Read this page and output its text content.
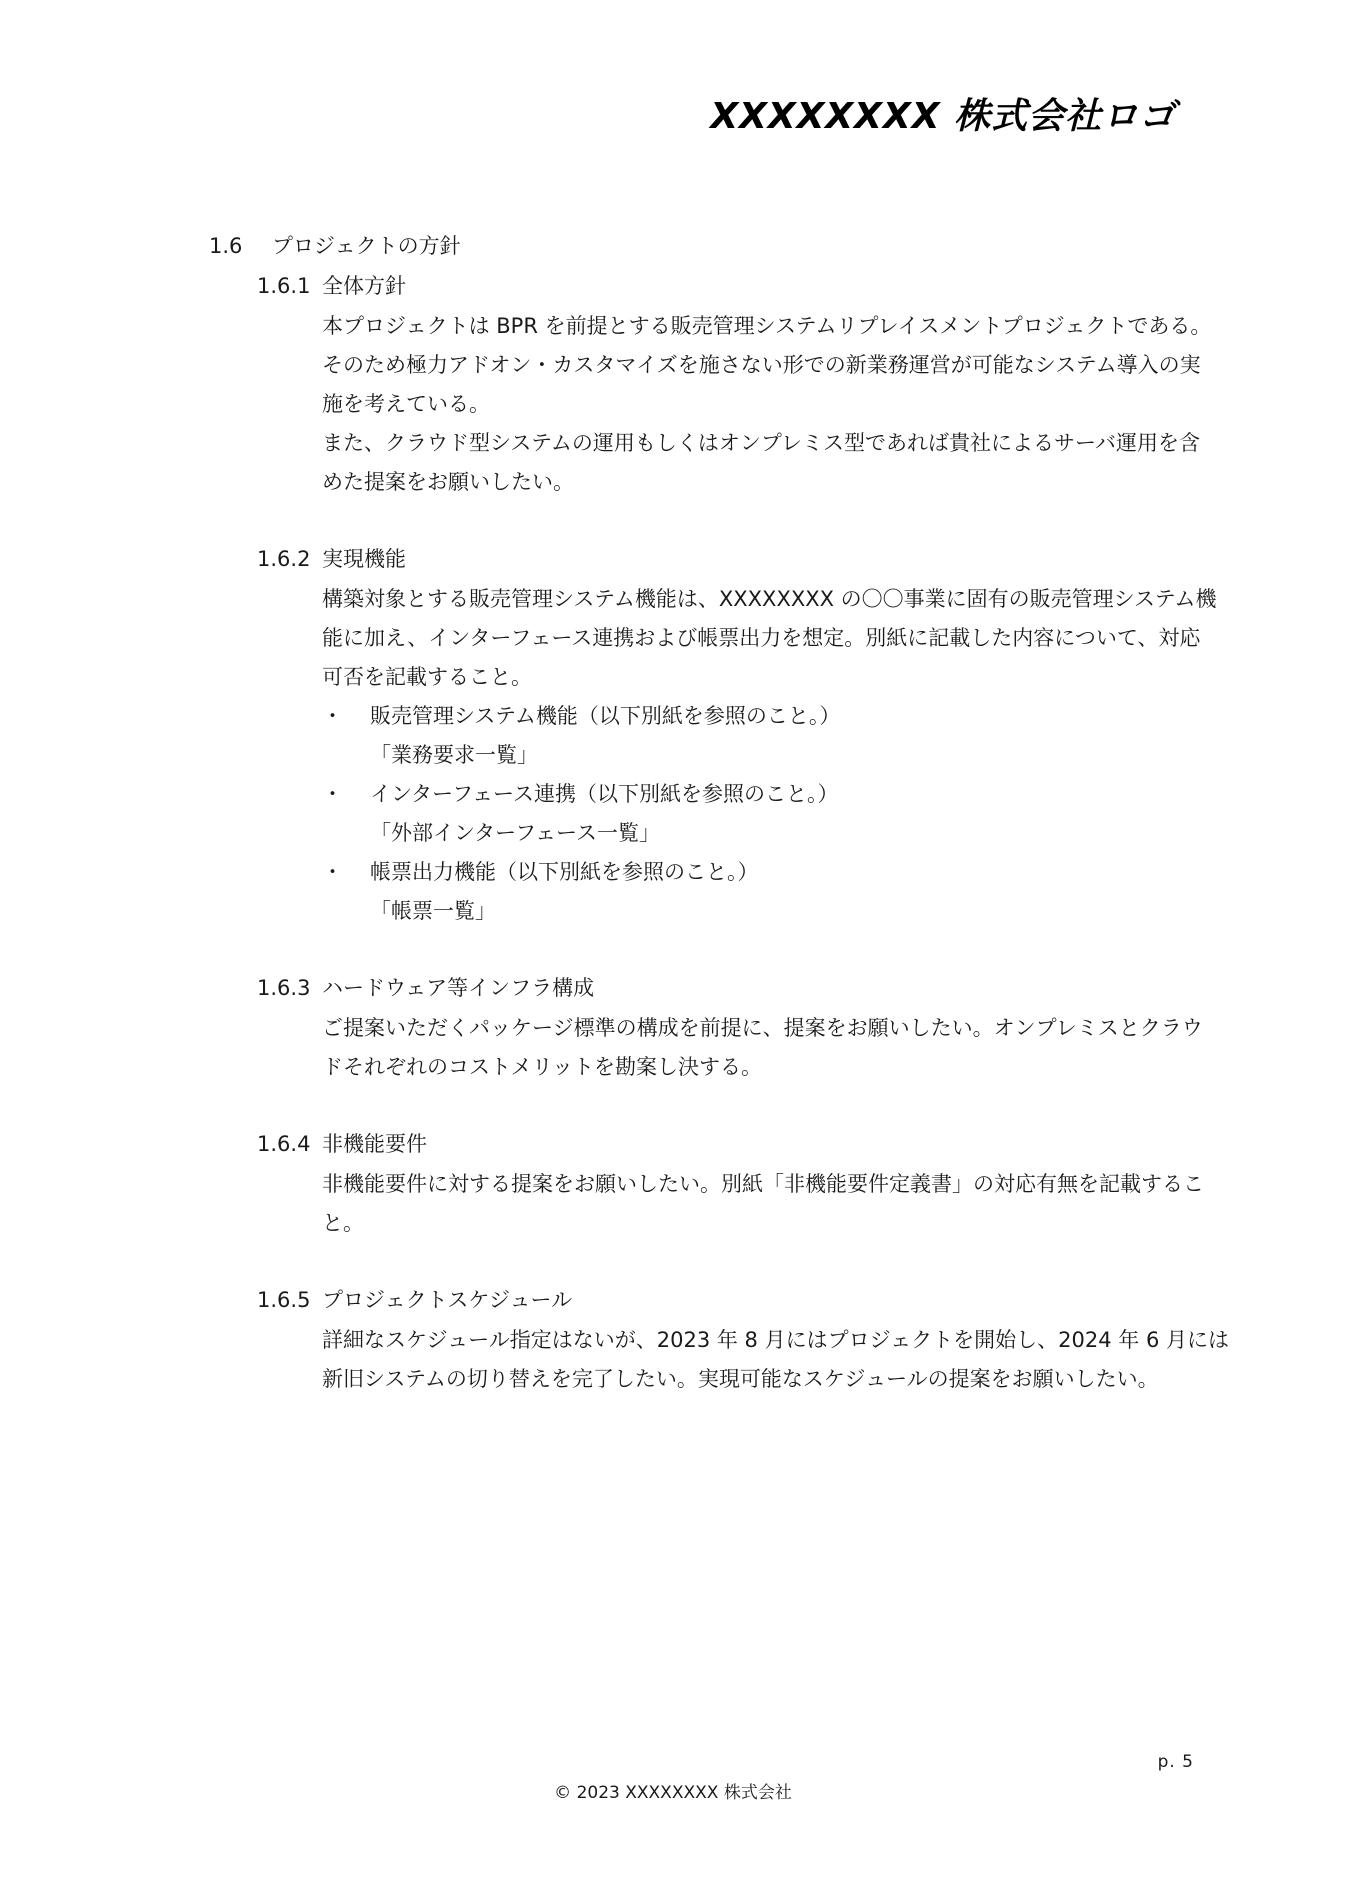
XXXXXXXX 株式会社ロゴ
1.6 プロジェクトの方針
1.6.1 全体方針
本プロジェクトは BPR を前提とする販売管理システムリプレイスメントプロジェクトである。
そのため極力アドオン・カスタマイズを施さない形での新業務運営が可能なシステム導入の実
施を考えている。
また、クラウド型システムの運用もしくはオンプレミス型であれば貴社によるサーバ運用を含
めた提案をお願いしたい。
1.6.2 実現機能
構築対象とする販売管理システム機能は、XXXXXXXX の〇〇事業に固有の販売管理システム機
能に加え、インターフェース連携および帳票出力を想定。別紙に記載した内容について、対応
可否を記載すること。
・ 販売管理システム機能（以下別紙を参照のこと。）
「業務要求一覧」
・ インターフェース連携（以下別紙を参照のこと。）
「外部インターフェース一覧」
・ 帳票出力機能（以下別紙を参照のこと。）
「帳票一覧」
1.6.3 ハードウェア等インフラ構成
ご提案いただくパッケージ標準の構成を前提に、提案をお願いしたい。オンプレミスとクラウ
ドそれぞれのコストメリットを勘案し決する。
1.6.4 非機能要件
非機能要件に対する提案をお願いしたい。別紙「非機能要件定義書」の対応有無を記載するこ
と。
1.6.5 プロジェクトスケジュール
詳細なスケジュール指定はないが、2023 年 8 月にはプロジェクトを開始し、2024 年 6 月には
新旧システムの切り替えを完了したい。実現可能なスケジュールの提案をお願いしたい。
p. 5
© 2023 XXXXXXXX 株式会社
